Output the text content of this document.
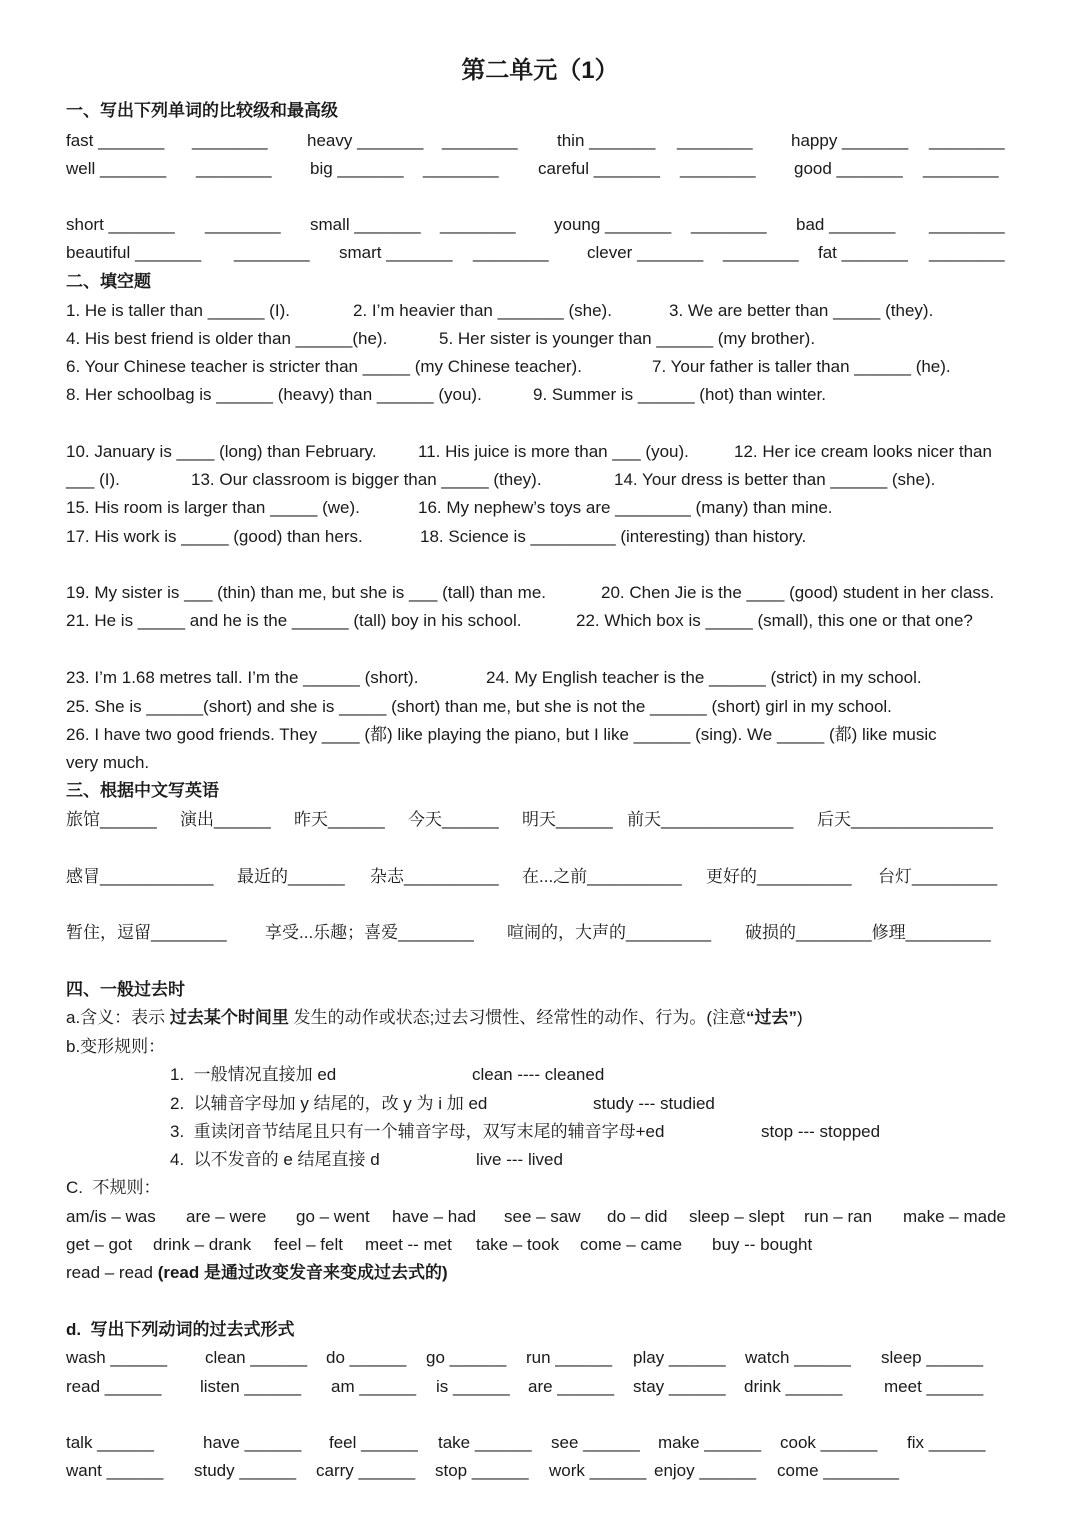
第二单元（1）
一、写出下列单词的比较级和最高级
fast _______ ________ heavy _______ ________ thin _______ ________ happy _______ ________
well _______ ________ big _______ ________ careful _______ ________ good _______ ________
short _______ ________ small _______ ________ young _______ ________ bad _______ ________
beautiful _______ ________ smart _______ ________ clever _______ ________ fat _______ ________
二、填空题
1. He is taller than ______ (I).	2. I’m heavier than _______ (she).	3. We are better than _____ (they).
4. His best friend is older than ______(he).	5. Her sister is younger than ______ (my brother).
6. Your Chinese teacher is stricter than _____ (my Chinese teacher).	7. Your father is taller than ______ (he).
8. Her schoolbag is ______ (heavy) than ______ (you).	9. Summer is ______ (hot) than winter.
10. January is ____ (long) than February. 11. His juice is more than ___ (you).	12. Her ice cream looks nicer than
___ (I).	13. Our classroom is bigger than _____ (they).	14. Your dress is better than ______ (she).
15. His room is larger than _____ (we).	16. My nephew’s toys are ________ (many) than mine.
17. His work is _____ (good) than hers.	18. Science is _________ (interesting) than history.
19. My sister is ___ (thin) than me, but she is ___ (tall) than me.	20. Chen Jie is the ____ (good) student in her class.
21. He is _____ and he is the ______ (tall) boy in his school.	22. Which box is _____ (small), this one or that one?
23. I’m 1.68 metres tall. I’m the ______ (short).	24. My English teacher is the ______ (strict) in my school.
25. She is ______(short) and she is _____ (short) than me, but she is not the ______ (short) girl in my school.
26. I have two good friends. They ____ (都) like playing the piano, but I like ______ (sing). We _____ (都) like music
very much.
三、根据中文写英语
旅馆______ 演出______ 昨天______ 今天______ 明天______ 前天______________ 后天_______________
感冒____________ 最近的______ 杂志__________ 在...之前__________ 更好的__________ 台灯_________
暂住，逗留________ 享受...乐趣；喜爱________ 喧闹的，大声的_________ 破损的________修理_________
四、一般过去时
a.含义：表示 过去某个时间里 发生的动作或状态;过去习惯性、经常性的动作、行为。(注意“过去”)
b.变形规则：
1.  一般情况直接加 ed	clean ---- cleaned
2.  以辅音字母加 y 结尾的，改 y 为 i 加 ed	study --- studied
3.  重读闭音节结尾且只有一个辅音字母，双写末尾的辅音字母+ed	stop --- stopped
4.  以不发音的 e 结尾直接 d	live --- lived
C.  不规则：
am/is – was are – were go – went have – had see – saw do – did sleep – slept run – ran make – made
get – got drink – drank feel – felt meet -- met take – took come – came buy -- bought
read – read (read 是通过改变发音来变成过去式的)
d.  写出下列动词的过去式形式
wash ______ clean ______ do ______ go ______ run ______ play ______ watch ______ sleep ______
read ______ listen ______ am ______ is ______ are ______ stay ______ drink ______ meet ______
talk ______	have ______ feel ______ take ______ see ______ make ______ cook ______ fix ______
want ______ study ______ carry ______ stop ______ work ______ enjoy ______ come ________
